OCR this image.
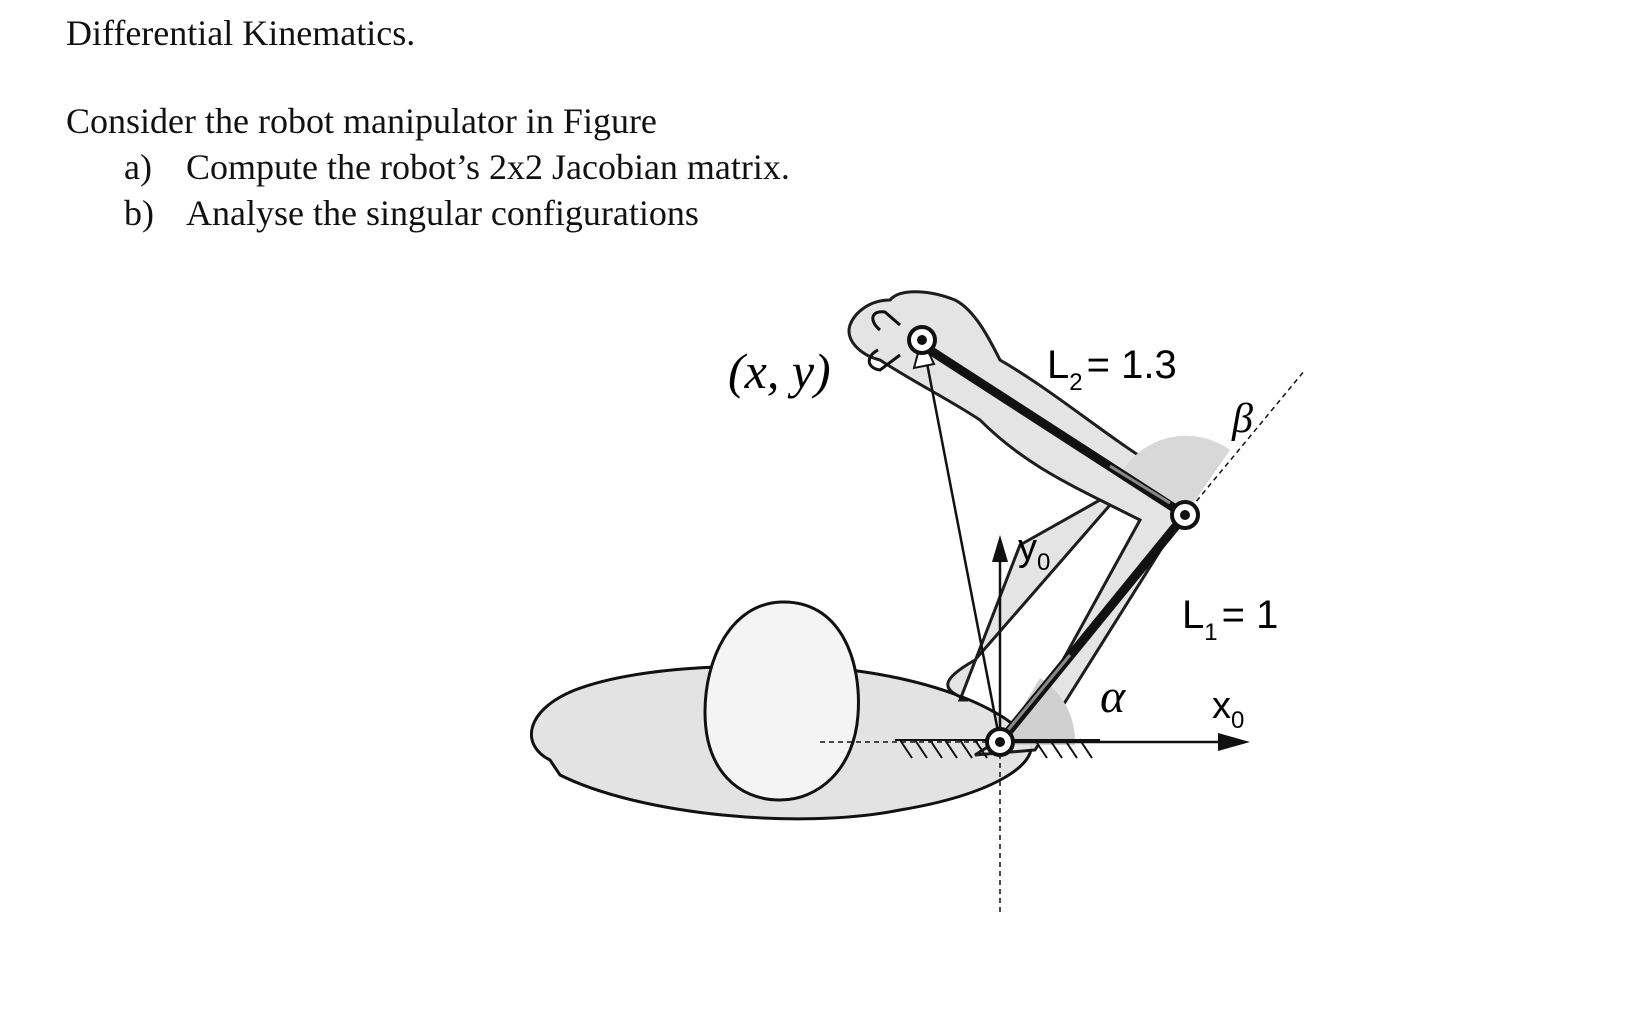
Differential Kinematics.
Consider the robot manipulator in Figure
a) Compute the robot’s 2x2 Jacobian matrix.
b) Analyse the singular configurations
(x, y)	$L_2 = 1.3$
β
$y_0$
$L_1 = 1$
α $x_0$
